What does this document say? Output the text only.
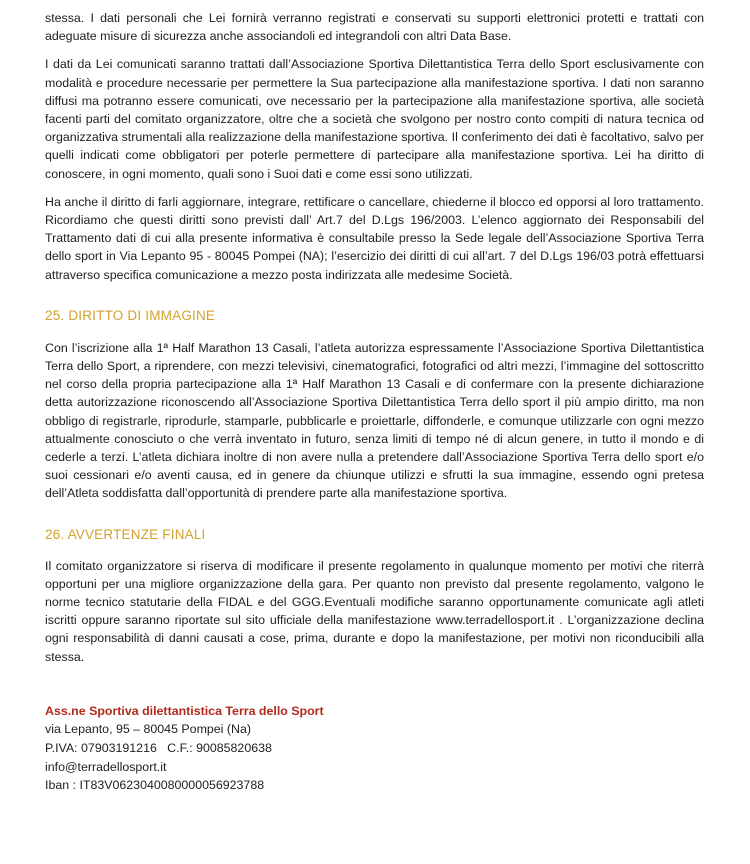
stessa. I dati personali che Lei fornirà verranno registrati e conservati su supporti elettronici protetti e trattati con adeguate misure di sicurezza anche associandoli ed integrandoli con altri Data Base.

I dati da Lei comunicati saranno trattati dall’Associazione Sportiva Dilettantistica Terra dello Sport esclusivamente con modalità e procedure necessarie per permettere la Sua partecipazione alla manifestazione sportiva. I dati non saranno diffusi ma potranno essere comunicati, ove necessario per la partecipazione alla manifestazione sportiva, alle società facenti parti del comitato organizzatore, oltre che a società che svolgono per nostro conto compiti di natura tecnica od organizzativa strumentali alla realizzazione della manifestazione sportiva. Il conferimento dei dati è facoltativo, salvo per quelli indicati come obbligatori per poterle permettere di partecipare alla manifestazione sportiva. Lei ha diritto di conoscere, in ogni momento, quali sono i Suoi dati e come essi sono utilizzati.

Ha anche il diritto di farli aggiornare, integrare, rettificare o cancellare, chiederne il blocco ed opporsi al loro trattamento. Ricordiamo che questi diritti sono previsti dall’ Art.7 del D.Lgs 196/2003. L’elenco aggiornato dei Responsabili del Trattamento dati di cui alla presente informativa è consultabile presso la Sede legale dell’Associazione Sportiva Terra dello sport in Via Lepanto 95 - 80045 Pompei (NA); l’esercizio dei diritti di cui all’art. 7 del D.Lgs 196/03 potrà effettuarsi attraverso specifica comunicazione a mezzo posta indirizzata alle medesime Società.

25. DIRITTO DI IMMAGINE

Con l’iscrizione alla 1ª Half Marathon 13 Casali, l’atleta autorizza espressamente l’Associazione Sportiva Dilettantistica Terra dello Sport, a riprendere, con mezzi televisivi, cinematografici, fotografici od altri mezzi, l’immagine del sottoscritto nel corso della propria partecipazione alla 1ª Half Marathon 13 Casali e di confermare con la presente dichiarazione detta autorizzazione riconoscendo all’Associazione Sportiva Dilettantistica Terra dello sport il più ampio diritto, ma non obbligo di registrarle, riprodurle, stamparle, pubblicarle e proiettarle, diffonderle, e comunque utilizzarle con ogni mezzo attualmente conosciuto o che verrà inventato in futuro, senza limiti di tempo né di alcun genere, in tutto il mondo e di cederle a terzi. L’atleta dichiara inoltre di non avere nulla a pretendere dall’Associazione Sportiva Terra dello sport e/o suoi cessionari e/o aventi causa, ed in genere da chiunque utilizzi e sfrutti la sua immagine, essendo ogni pretesa dell’Atleta soddisfatta dall’opportunità di prendere parte alla manifestazione sportiva.

26. AVVERTENZE FINALI

Il comitato organizzatore si riserva di modificare il presente regolamento in qualunque momento per motivi che riterrà opportuni per una migliore organizzazione della gara. Per quanto non previsto dal presente regolamento, valgono le norme tecnico statutarie della FIDAL e del GGG.Eventuali modifiche saranno opportunamente comunicate agli atleti iscritti oppure saranno riportate sul sito ufficiale della manifestazione www.terradellosport.it . L’organizzazione declina ogni responsabilità di danni causati a cose, prima, durante e dopo la manifestazione, per motivi non riconducibili alla stessa.

Ass.ne Sportiva dilettantistica Terra dello Sport
via Lepanto, 95 – 80045 Pompei (Na)
P.IVA: 07903191216   C.F.: 90085820638
info@terradellosport.it
Iban : IT83V0623040080000056923788
